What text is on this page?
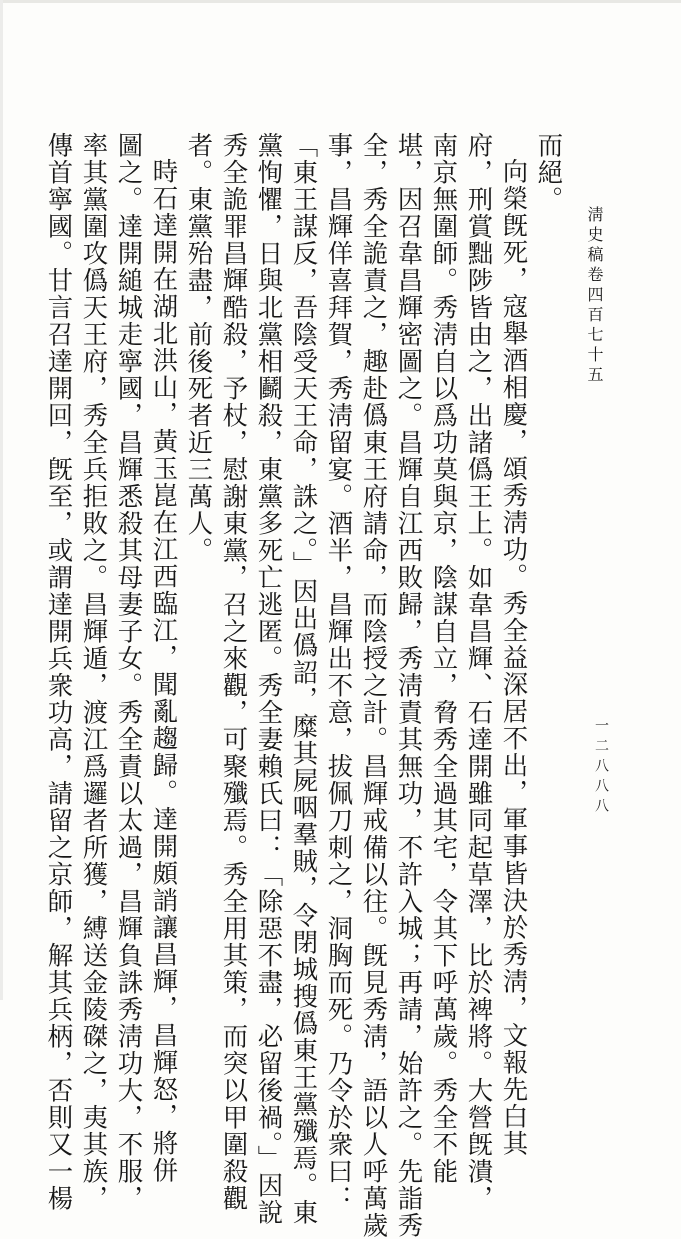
淸史稿卷四百七十五
而絕。
向榮旣死，寇舉酒相慶，頌秀淸功。秀全益深居不出，軍事皆決於秀淸，文報先白其
府，刑賞黜陟皆由之，出諸僞王上。如韋昌輝、石達開雖同起草澤，比於裨將。大營旣潰，
南京無圍師。秀淸自以爲功莫與京，陰謀自立，脅秀全過其宅，令其下呼萬歲。秀全不能
堪，因召韋昌輝密圖之。昌輝自江西敗歸，秀淸責其無功，不許入城；再請，始許之。先詣秀
全，秀全詭責之，趣赴僞東王府請命，而陰授之計。昌輝戒備以往。旣見秀淸，語以人呼萬歲
事，昌輝佯喜拜賀，秀淸留宴。酒半，昌輝出不意，拔佩刀刺之，洞胸而死。乃令於衆曰：
「東王謀反，吾陰受天王命，誅之。」因出僞詔，糜其屍咽羣賊，令閉城搜僞東王黨殲焉。東
黨恂懼，日與北黨相鬬殺，東黨多死亡逃匿。秀全妻賴氏曰：「除惡不盡，必留後禍。」因說
秀全詭罪昌輝酷殺，予杖，慰謝東黨，召之來觀，可聚殲焉。秀全用其策，而突以甲圍殺觀
者。東黨殆盡，前後死者近三萬人。
時石達開在湖北洪山，黃玉崑在江西臨江，聞亂趨歸。達開頗誚讓昌輝，昌輝怒，將併
圖之。達開縋城走寧國，昌輝悉殺其母妻子女。秀全責以太過，昌輝負誅秀淸功大，不服，
率其黨圍攻僞天王府，秀全兵拒敗之。昌輝遁，渡江爲邏者所獲，縛送金陵磔之，夷其族，
傳首寧國。甘言召達開回，旣至，或謂達開兵衆功高，請留之京師，解其兵柄，否則又一楊	一二八八八
